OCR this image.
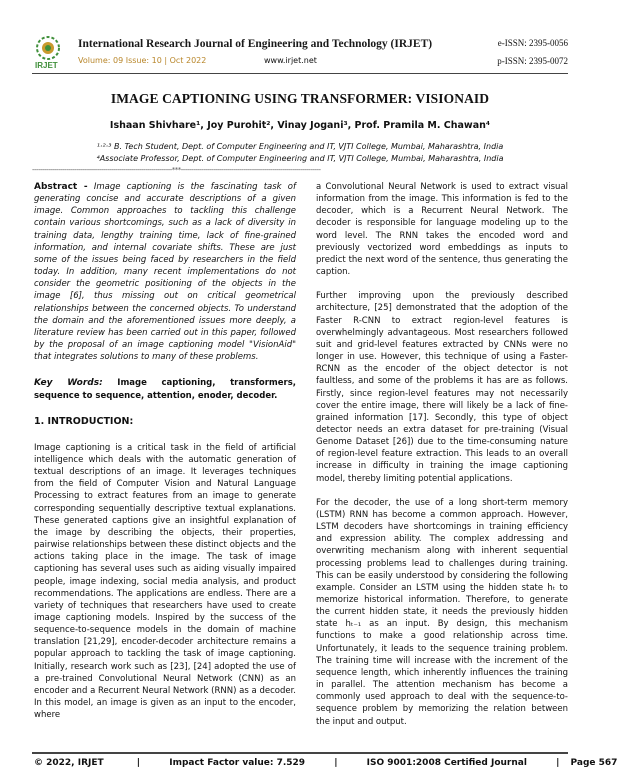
IRJET
International Research Journal of Engineering and Technology (IRJET)	e-ISSN: 2395-0056
Volume: 09 Issue: 10 | Oct 2022	www.irjet.net	p-ISSN: 2395-0072
IMAGE CAPTIONING USING TRANSFORMER: VISIONAID
Ishaan Shivhare¹, Joy Purohit², Vinay Jogani³, Prof. Pramila M. Chawan⁴
¹·²·³ B. Tech Student, Dept. of Computer Engineering and IT, VJTI College, Mumbai, Maharashtra, India
⁴Associate Professor, Dept. of Computer Engineering and IT, VJTI College, Mumbai, Maharashtra, India
---------------------------------------------------------------------***---------------------------------------------------------------------

Abstract - Image captioning is the fascinating task of generating concise and accurate descriptions of a given image. Common approaches to tackling this challenge contain various shortcomings, such as a lack of diversity in training data, lengthy training time, lack of fine-grained information, and internal covariate shifts. These are just some of the issues being faced by researchers in the field today. In addition, many recent implementations do not consider the geometric positioning of the objects in the image [6], thus missing out on critical geometrical relationships between the concerned objects. To understand the domain and the aforementioned issues more deeply, a literature review has been carried out in this paper, followed by the proposal of an image captioning model "VisionAid" that integrates solutions to many of these problems.

Key Words: Image captioning, transformers, sequence to sequence, attention, enoder, decoder.

1. INTRODUCTION:

Image captioning is a critical task in the field of artificial intelligence which deals with the automatic generation of textual descriptions of an image. It leverages techniques from the field of Computer Vision and Natural Language Processing to extract features from an image to generate corresponding sequentially descriptive textual explanations. These generated captions give an insightful explanation of the image by describing the objects, their properties, pairwise relationships between these distinct objects and the actions taking place in the image. The task of image captioning has several uses such as aiding visually impaired people, image indexing, social media analysis, and product recommendations. The applications are endless. There are a variety of techniques that researchers have used to create image captioning models. Inspired by the success of the sequence-to-sequence models in the domain of machine translation [21,29], encoder-decoder architecture remains a popular approach to tackling the task of image captioning. Initially, research work such as [23], [24] adopted the use of a pre-trained Convolutional Neural Network (CNN) as an encoder and a Recurrent Neural Network (RNN) as a decoder. In this model, an image is given as an input to the encoder, where

a Convolutional Neural Network is used to extract visual information from the image. This information is fed to the decoder, which is a Recurrent Neural Network. The decoder is responsible for language modeling up to the word level. The RNN takes the encoded word and previously vectorized word embeddings as inputs to predict the next word of the sentence, thus generating the caption.

Further improving upon the previously described architecture, [25] demonstrated that the adoption of the Faster R-CNN to extract region-level features is overwhelmingly advantageous. Most researchers followed suit and grid-level features extracted by CNNs were no longer in use. However, this technique of using a Faster-RCNN as the encoder of the object detector is not faultless, and some of the problems it has are as follows. Firstly, since region-level features may not necessarily cover the entire image, there will likely be a lack of fine-grained information [17]. Secondly, this type of object detector needs an extra dataset for pre-training (Visual Genome Dataset [26]) due to the time-consuming nature of region-level feature extraction. This leads to an overall increase in difficulty in training the image captioning model, thereby limiting potential applications.

For the decoder, the use of a long short-term memory (LSTM) RNN has become a common approach. However, LSTM decoders have shortcomings in training efficiency and expression ability. The complex addressing and overwriting mechanism along with inherent sequential processing problems lead to challenges during training. This can be easily understood by considering the following example. Consider an LSTM using the hidden state hₜ to memorize historical information. Therefore, to generate the current hidden state, it needs the previously hidden state hₜ₋₁ as an input. By design, this mechanism functions to make a good relationship across time. Unfortunately, it leads to the sequence training problem. The training time will increase with the increment of the sequence length, which inherently influences the training in parallel. The attention mechanism has become a commonly used approach to deal with the sequence-to-sequence problem by memorizing the relation between the input and output.

© 2022, IRJET	|	Impact Factor value: 7.529	|	ISO 9001:2008 Certified Journal	| Page 567
